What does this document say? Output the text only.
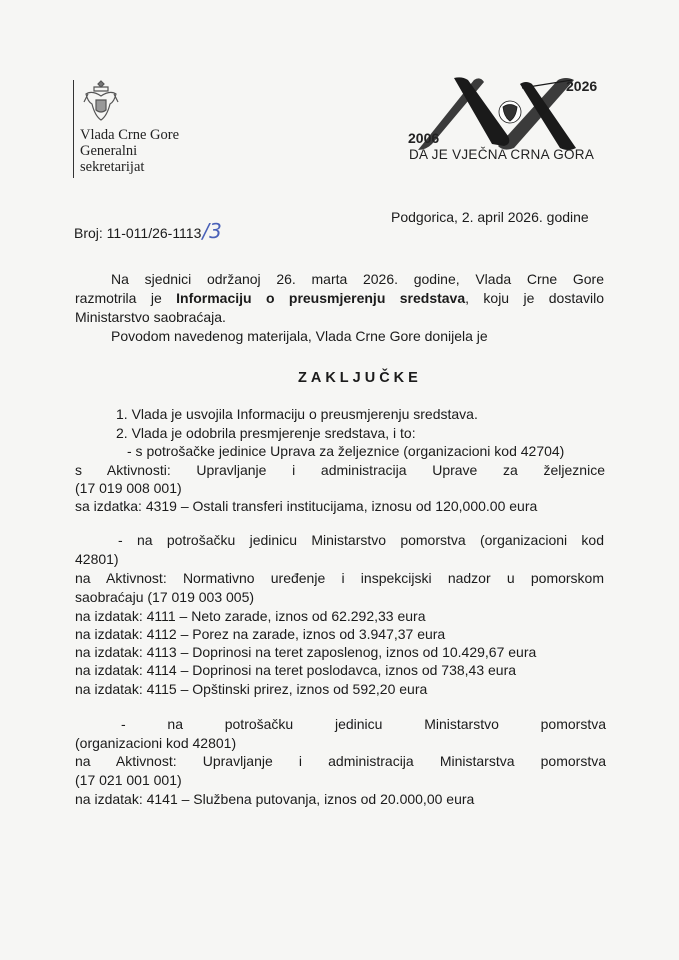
Vlada Crne Gore
Generalni
sekretarijat
2006
2026
DA JE VJEČNA CRNA GORA
Broj: 11-011/26-1113/3
Podgorica, 2. april 2026. godine
Na sjednici održanoj 26. marta 2026. godine, Vlada Crne Gore
razmotrila je Informaciju o preusmjerenju sredstava, koju je dostavilo
Ministarstvo saobraćaja.
Povodom navedenog materijala, Vlada Crne Gore donijela je
ZAKLJUČKE
1. Vlada je usvojila Informaciju o preusmjerenju sredstava.
2. Vlada je odobrila presmjerenje sredstava, i to:
- s potrošačke jedinice Uprava za željeznice (organizacioni kod 42704)
s Aktivnosti: Upravljanje i administracija Uprave za željeznice
(17 019 008 001)
sa izdatka: 4319 – Ostali transferi institucijama, iznosu od 120,000.00 eura
- na potrošačku jedinicu Ministarstvo pomorstva (organizacioni kod
42801)
na Aktivnost: Normativno uređenje i inspekcijski nadzor u pomorskom
saobraćaju (17 019 003 005)
na izdatak: 4111 – Neto zarade, iznos od 62.292,33 eura
na izdatak: 4112 – Porez na zarade, iznos od 3.947,37 eura
na izdatak: 4113 – Doprinosi na teret zaposlenog, iznos od 10.429,67 eura
na izdatak: 4114 – Doprinosi na teret poslodavca, iznos od 738,43 eura
na izdatak: 4115 – Opštinski prirez, iznos od 592,20 eura
- na potrošačku jedinicu Ministarstvo pomorstva
(organizacioni kod 42801)
na Aktivnost: Upravljanje i administracija Ministarstva pomorstva
(17 021 001 001)
na izdatak: 4141 – Službena putovanja, iznos od 20.000,00 eura
